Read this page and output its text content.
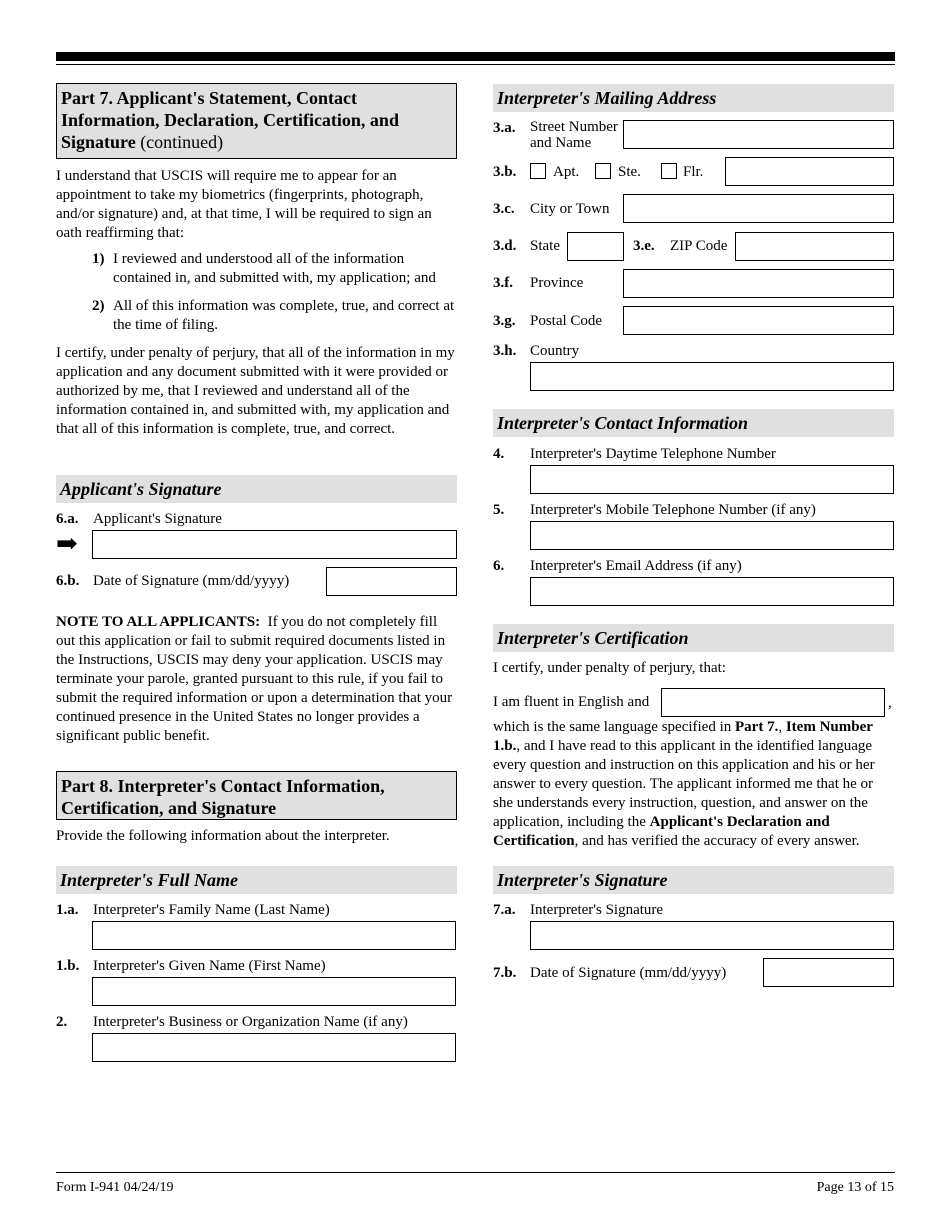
Part 7. Applicant's Statement, Contact Information, Declaration, Certification, and Signature (continued)
I understand that USCIS will require me to appear for an appointment to take my biometrics (fingerprints, photograph, and/or signature) and, at that time, I will be required to sign an oath reaffirming that:
1) I reviewed and understood all of the information contained in, and submitted with, my application; and
2) All of this information was complete, true, and correct at the time of filing.
I certify, under penalty of perjury, that all of the information in my application and any document submitted with it were provided or authorized by me, that I reviewed and understand all of the information contained in, and submitted with, my application and that all of this information is complete, true, and correct.
Applicant's Signature
6.a. Applicant's Signature
➡
6.b. Date of Signature (mm/dd/yyyy)
NOTE TO ALL APPLICANTS: If you do not completely fill out this application or fail to submit required documents listed in the Instructions, USCIS may deny your application. USCIS may terminate your parole, granted pursuant to this rule, if you fail to submit the required information or upon a determination that your continued presence in the United States no longer provides a significant public benefit.
Part 8. Interpreter's Contact Information, Certification, and Signature
Provide the following information about the interpreter.
Interpreter's Full Name
1.a. Interpreter's Family Name (Last Name)
1.b. Interpreter's Given Name (First Name)
2. Interpreter's Business or Organization Name (if any)
Interpreter's Mailing Address
3.a. Street Number
and Name
3.b. Apt.	Ste.	Flr.
3.c. City or Town
3.d. State	3.e. ZIP Code
3.f. Province
3.g. Postal Code
3.h. Country
Interpreter's Contact Information
4. Interpreter's Daytime Telephone Number
5. Interpreter's Mobile Telephone Number (if any)
6. Interpreter's Email Address (if any)
Interpreter's Certification
I certify, under penalty of perjury, that:
I am fluent in English and	,
which is the same language specified in Part 7., Item Number 1.b., and I have read to this applicant in the identified language every question and instruction on this application and his or her answer to every question. The applicant informed me that he or she understands every instruction, question, and answer on the application, including the Applicant's Declaration and Certification, and has verified the accuracy of every answer.
Interpreter's Signature
7.a. Interpreter's Signature
7.b. Date of Signature (mm/dd/yyyy)
Form I-941 04/24/19	Page 13 of 15
